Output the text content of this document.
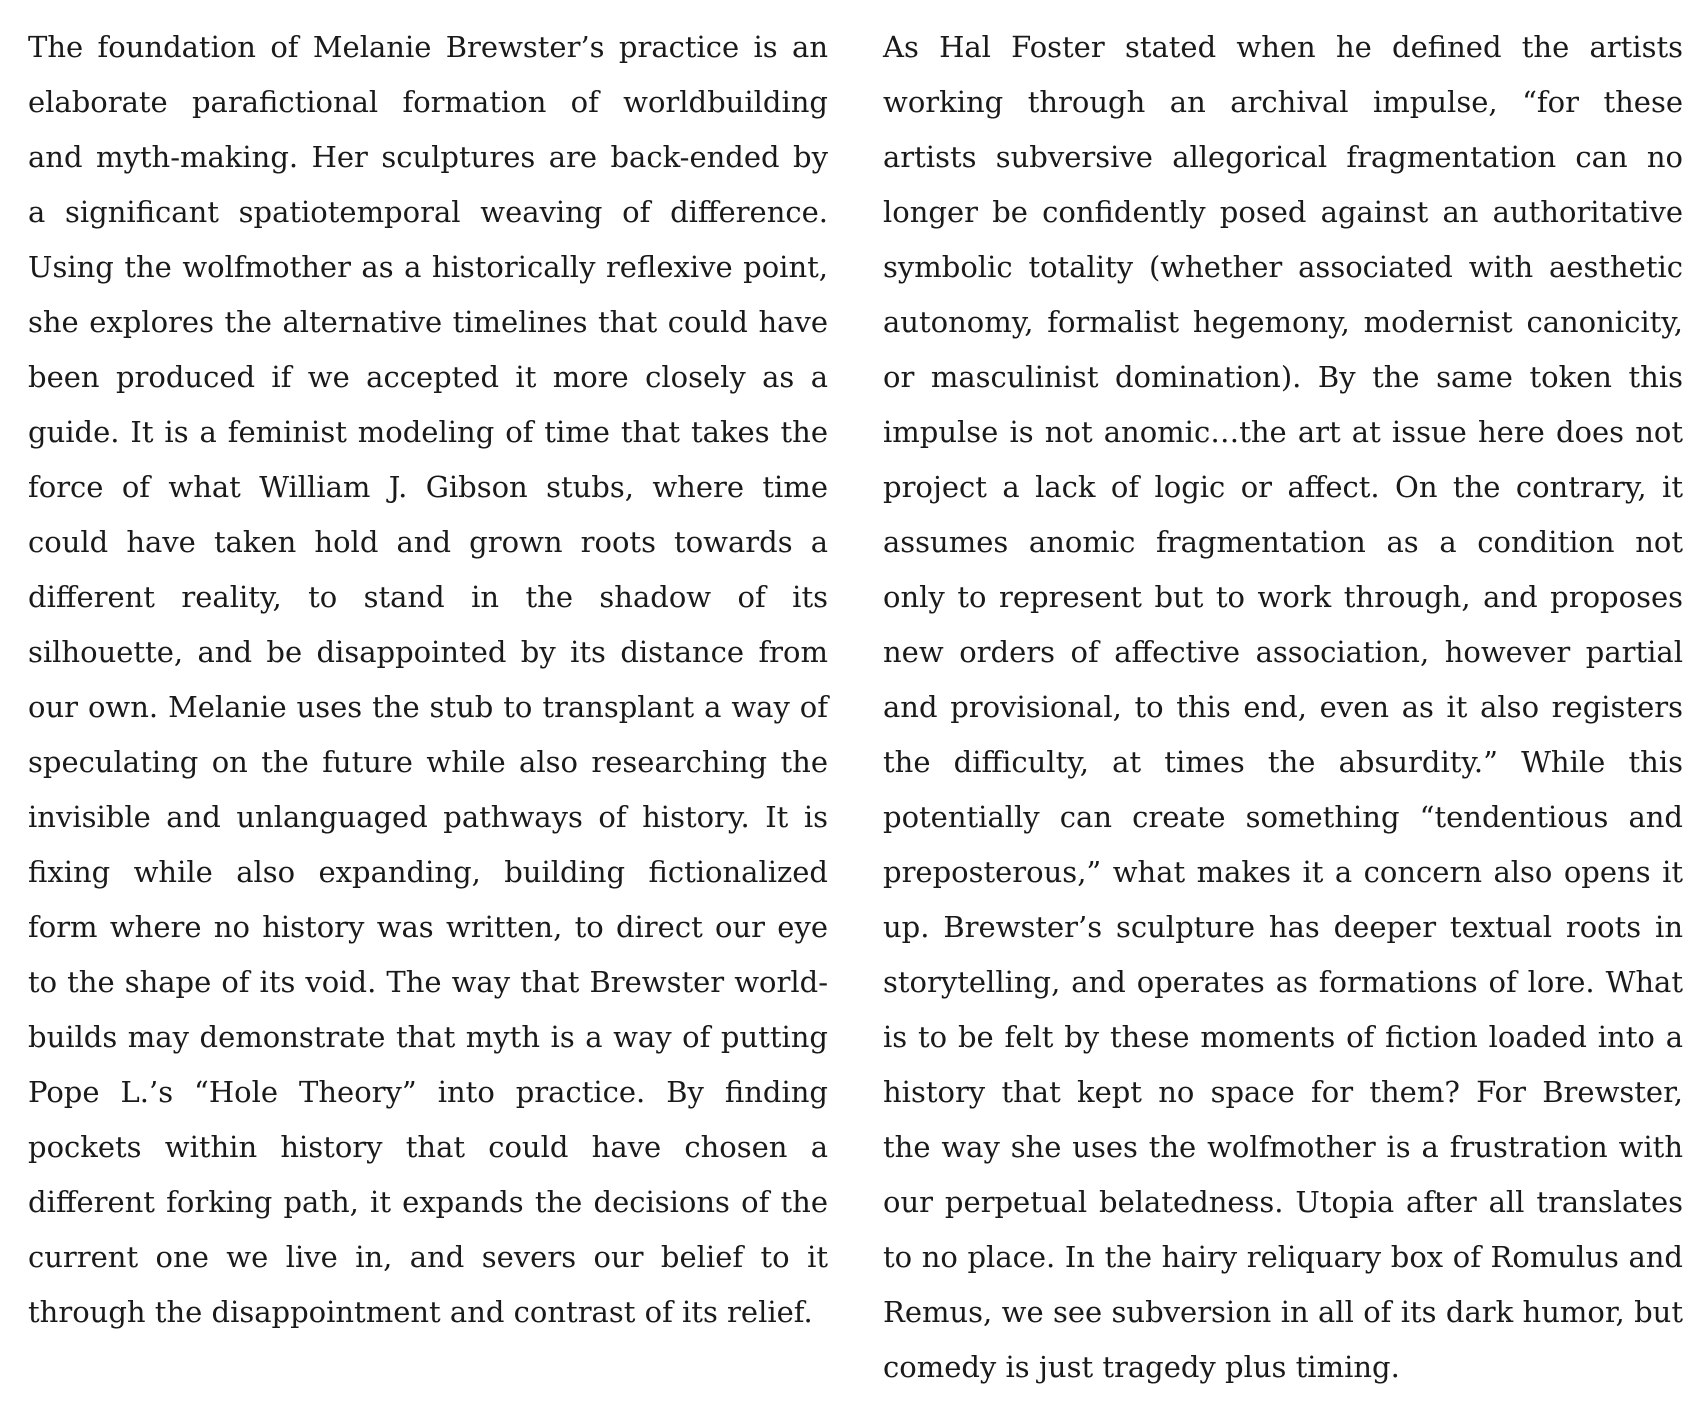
The foundation of Melanie Brewster’s practice is an elaborate parafictional formation of worldbuilding and myth-making. Her sculptures are back-ended by a significant spatiotemporal weaving of difference. Using the wolfmother as a historically reflexive point, she explores the alternative timelines that could have been produced if we accepted it more closely as a guide. It is a feminist modeling of time that takes the force of what William J. Gibson stubs, where time could have taken hold and grown roots towards a different reality, to stand in the shadow of its silhouette, and be disappointed by its distance from our own. Melanie uses the stub to transplant a way of speculating on the future while also researching the invisible and unlanguaged pathways of history. It is fixing while also expanding, building fictionalized form where no history was written, to direct our eye to the shape of its void. The way that Brewster world-builds may demonstrate that myth is a way of putting Pope L.’s “Hole Theory” into practice. By finding pockets within history that could have chosen a different forking path, it expands the decisions of the current one we live in, and severs our belief to it through the disappointment and contrast of its relief.

As Hal Foster stated when he defined the artists working through an archival impulse, “for these artists subversive allegorical fragmentation can no longer be confidently posed against an authoritative symbolic totality (whether associated with aesthetic autonomy, formalist hegemony, modernist canonicity, or masculinist domination). By the same token this impulse is not anomic…the art at issue here does not project a lack of logic or affect. On the contrary, it assumes anomic fragmentation as a condition not only to represent but to work through, and proposes new orders of affective association, however partial and provisional, to this end, even as it also registers the difficulty, at times the absurdity.” While this potentially can create something “tendentious and preposterous,” what makes it a concern also opens it up. Brewster’s sculpture has deeper textual roots in storytelling, and operates as formations of lore. What is to be felt by these moments of fiction loaded into a history that kept no space for them? For Brewster, the way she uses the wolfmother is a frustration with our perpetual belatedness. Utopia after all translates to no place. In the hairy reliquary box of Romulus and Remus, we see subversion in all of its dark humor, but comedy is just tragedy plus timing.
